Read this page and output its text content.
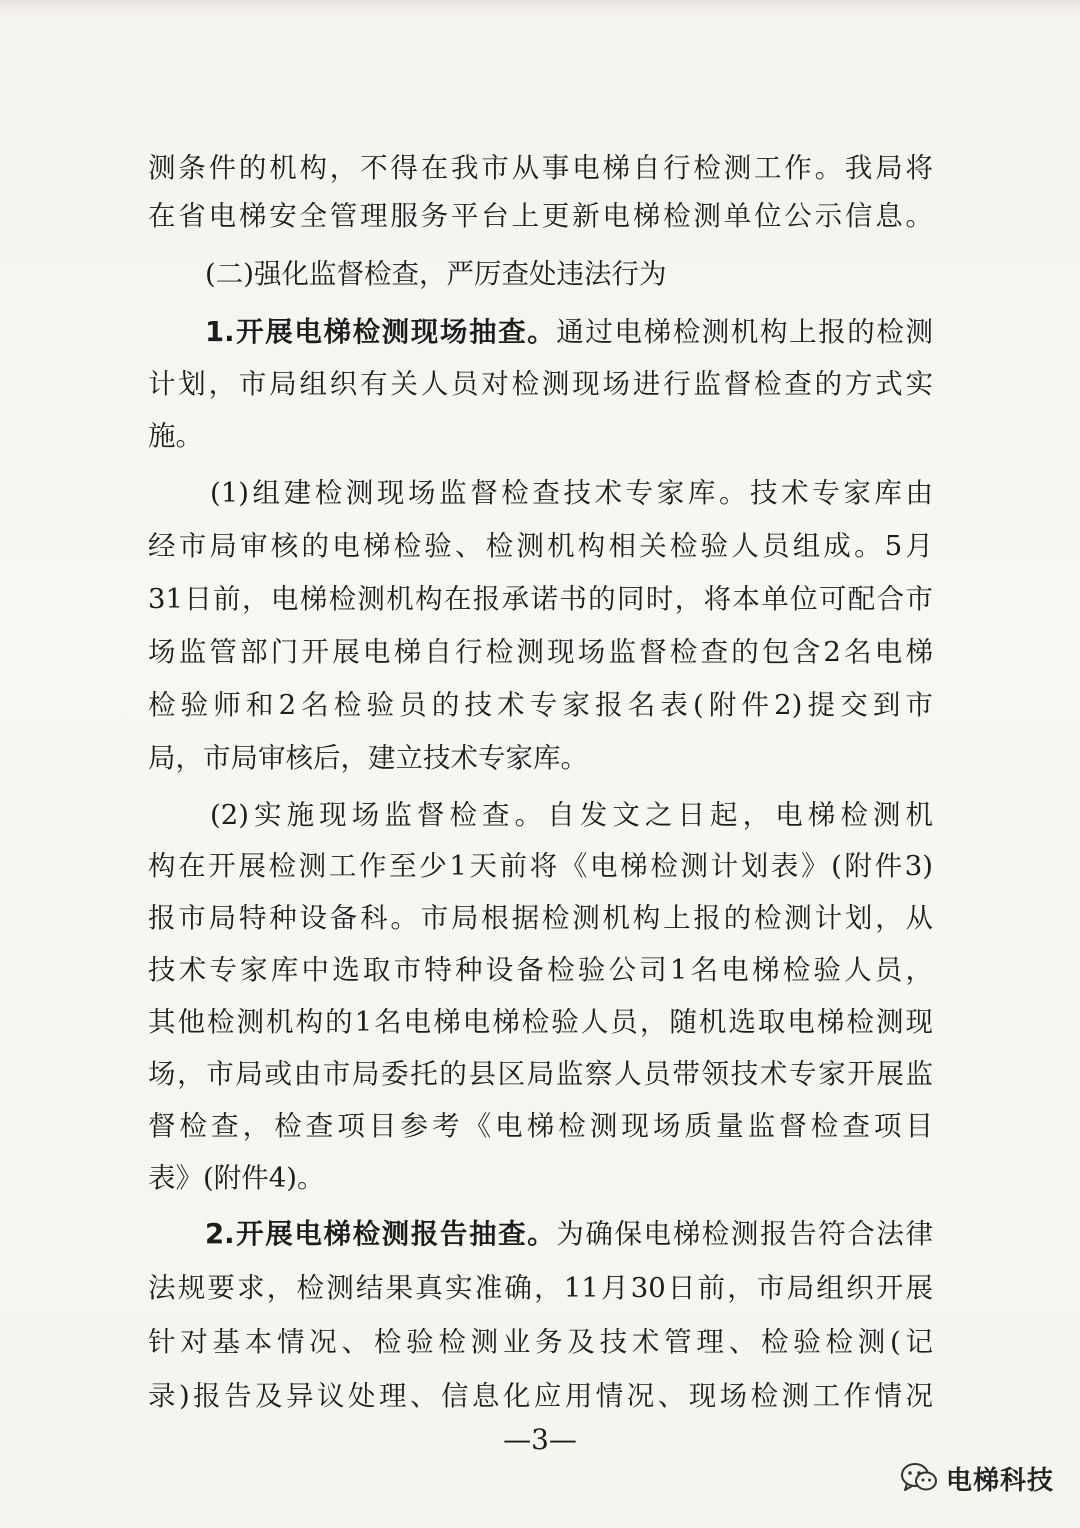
测条件的机构，不得在我市从事电梯自行检测工作。我局将
在省电梯安全管理服务平台上更新电梯检测单位公示信息。
(二)强化监督检查，严厉查处违法行为
1.开展电梯检测现场抽查。通过电梯检测机构上报的检测
计划，市局组织有关人员对检测现场进行监督检查的方式实
施。
(1)组建检测现场监督检查技术专家库。技术专家库由
经市局审核的电梯检验、检测机构相关检验人员组成。5月
31日前，电梯检测机构在报承诺书的同时，将本单位可配合市
场监管部门开展电梯自行检测现场监督检查的包含2名电梯
检验师和2名检验员的技术专家报名表(附件2)提交到市
局，市局审核后，建立技术专家库。
(2)实施现场监督检查。自发文之日起，电梯检测机
构在开展检测工作至少1天前将《电梯检测计划表》(附件3)
报市局特种设备科。市局根据检测机构上报的检测计划，从
技术专家库中选取市特种设备检验公司1名电梯检验人员，
其他检测机构的1名电梯电梯检验人员，随机选取电梯检测现
场，市局或由市局委托的县区局监察人员带领技术专家开展监
督检查，检查项目参考《电梯检测现场质量监督检查项目
表》(附件4)。
2.开展电梯检测报告抽查。为确保电梯检测报告符合法律
法规要求，检测结果真实准确，11月30日前，市局组织开展
针对基本情况、检验检测业务及技术管理、检验检测(记
录)报告及异议处理、信息化应用情况、现场检测工作情况
—3—
电梯科技
